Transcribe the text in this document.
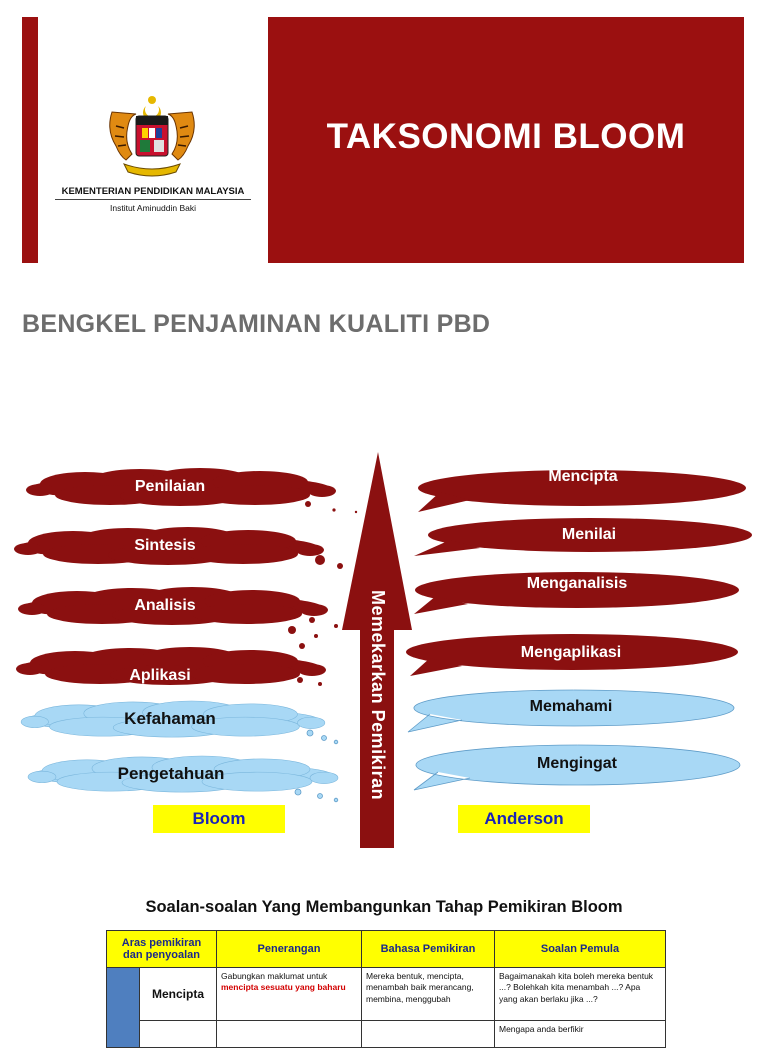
KEMENTERIAN PENDIDIKAN MALAYSIA
Institut Aminuddin Baki
TAKSONOMI BLOOM
BENGKEL PENJAMINAN KUALITI PBD
Memekarkan Pemikiran
Penilaian
Sintesis
Analisis
Aplikasi
Kefahaman
Pengetahuan
Mencipta
Menilai
Menganalisis
Mengaplikasi
Memahami
Mengingat
Bloom	Anderson
Soalan-soalan Yang Membangunkan Tahap Pemikiran Bloom
Aras pemikiran dan penyoalan		Penerangan	Bahasa Pemikiran	Soalan Pemula
	Mencipta	Gabungkan maklumat untuk mencipta sesuatu yang baharu	Mereka bentuk, mencipta, menambah baik merancang, membina, menggubah	Bagaimanakah kita boleh mereka bentuk ...? Bolehkah kita menambah ...? Apa yang akan berlaku jika ...?
				Mengapa anda berfikir
